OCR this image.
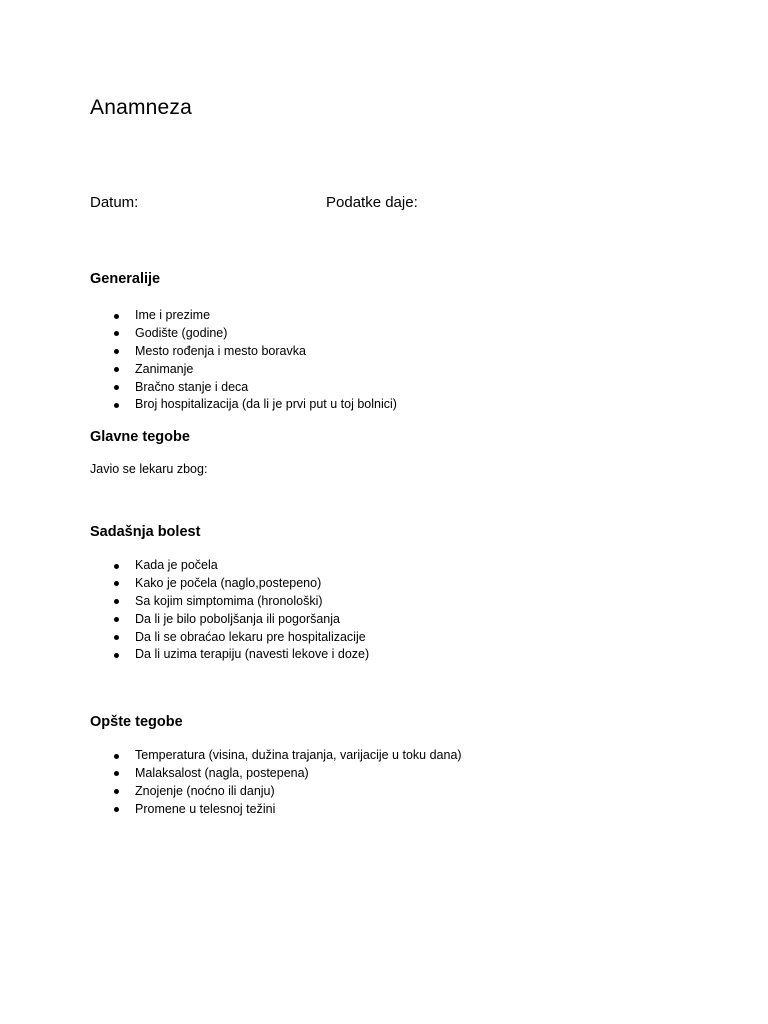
Anamneza

Datum:	Podatke daje:

Generalije
Ime i prezime
Godište (godine)
Mesto rođenja i mesto boravka
Zanimanje
Bračno stanje i deca
Broj hospitalizacija (da li je prvi put u toj bolnici)
Glavne tegobe

Javio se lekaru zbog:

Sadašnja bolest
Kada je počela
Kako je počela (naglo,postepeno)
Sa kojim simptomima (hronološki)
Da li je bilo poboljšanja ili pogoršanja
Da li se obraćao lekaru pre hospitalizacije
Da li uzima terapiju (navesti lekove i doze)
Opšte tegobe
Temperatura (visina, dužina trajanja, varijacije u toku dana)
Malaksalost (nagla, postepena)
Znojenje (noćno ili danju)
Promene u telesnoj težini
